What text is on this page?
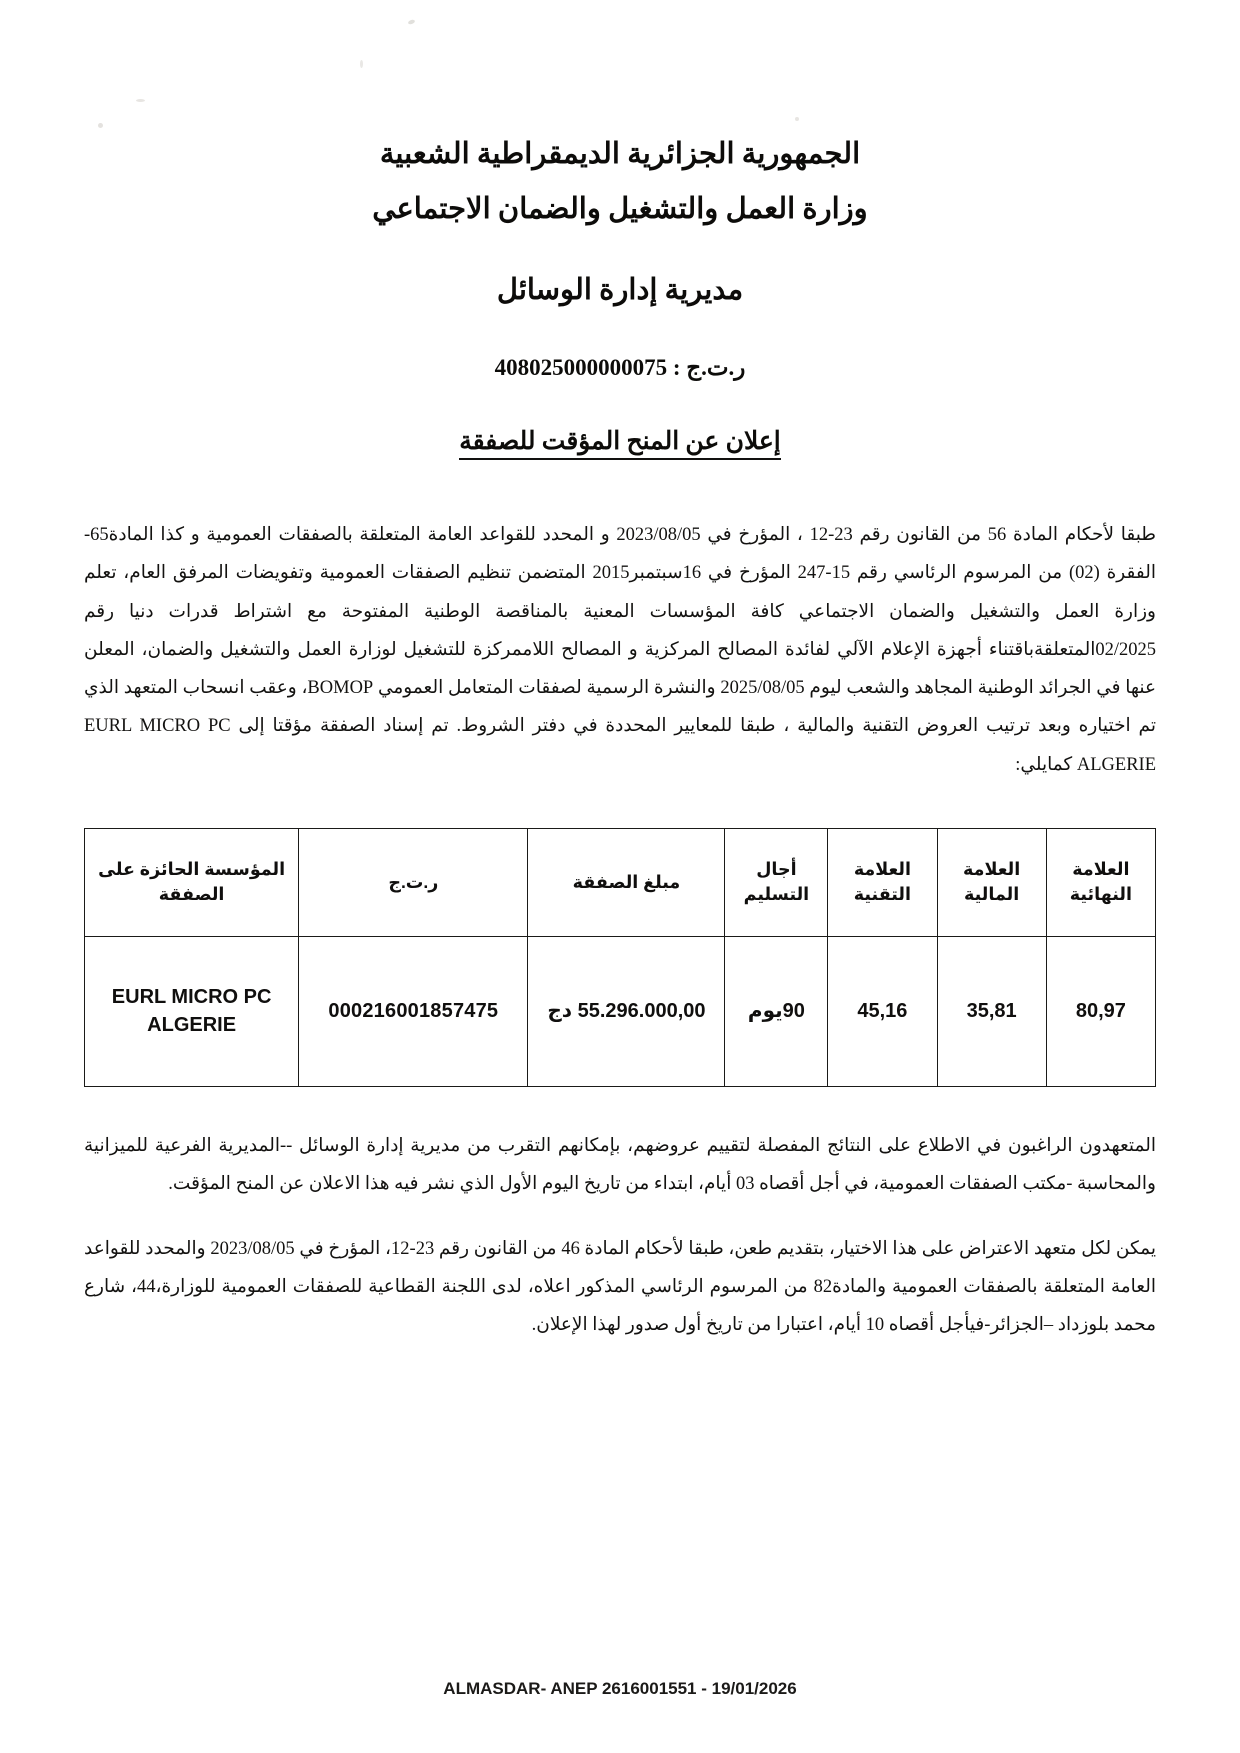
الجمهورية الجزائرية الديمقراطية الشعبية
وزارة العمل والتشغيل والضمان الاجتماعي
مديرية إدارة الوسائل
ر.ت.ج : 408025000000075
إعلان عن المنح المؤقت للصفقة

طبقا لأحكام المادة 56 من القانون رقم 23-12 ، المؤرخ في 2023/08/05 و المحدد للقواعد العامة المتعلقة بالصفقات العمومية و كذا المادة65-الفقرة (02) من المرسوم الرئاسي رقم 15-247 المؤرخ في 16سبتمبر2015 المتضمن تنظيم الصفقات العمومية وتفويضات المرفق العام، تعلم وزارة العمل والتشغيل والضمان الاجتماعي كافة المؤسسات المعنية بالمناقصة الوطنية المفتوحة مع اشتراط قدرات دنيا رقم 02/2025المتعلقةباقتناء أجهزة الإعلام الآلي لفائدة المصالح المركزية و المصالح اللاممركزة للتشغيل لوزارة العمل والتشغيل والضمان، المعلن عنها في الجرائد الوطنية المجاهد والشعب ليوم 2025/08/05 والنشرة الرسمية لصفقات المتعامل العمومي BOMOP، وعقب انسحاب المتعهد الذي تم اختياره وبعد ترتيب العروض التقنية والمالية ، طبقا للمعايير المحددة في دفتر الشروط. تم إسناد الصفقة مؤقتا إلى EURL MICRO PC ALGERIE كمايلي:

العلامة النهائية	العلامة المالية	العلامة التقنية	أجال التسليم	مبلغ الصفقة	ر.ت.ج	المؤسسة الحائزة على الصفقة
80,97	35,81	45,16	90يوم	55.296.000,00 دج	000216001857475	EURL MICRO PC ALGERIE

المتعهدون الراغبون في الاطلاع على النتائج المفصلة لتقييم عروضهم، بإمكانهم التقرب من مديرية إدارة الوسائل --المديرية الفرعية للميزانية والمحاسبة -مكتب الصفقات العمومية، في أجل أقصاه 03 أيام، ابتداء من تاريخ اليوم الأول الذي نشر فيه هذا الاعلان عن المنح المؤقت.

يمكن لكل متعهد الاعتراض على هذا الاختيار، بتقديم طعن، طبقا لأحكام المادة 46 من القانون رقم 23-12، المؤرخ في 2023/08/05 والمحدد للقواعد العامة المتعلقة بالصفقات العمومية والمادة82 من المرسوم الرئاسي المذكور اعلاه، لدى اللجنة القطاعية للصفقات العمومية للوزارة،44، شارع محمد بلوزداد –الجزائر-فيأجل أقصاه 10 أيام، اعتبارا من تاريخ أول صدور لهذا الإعلان.

ALMASDAR- ANEP 2616001551 - 19/01/2026
